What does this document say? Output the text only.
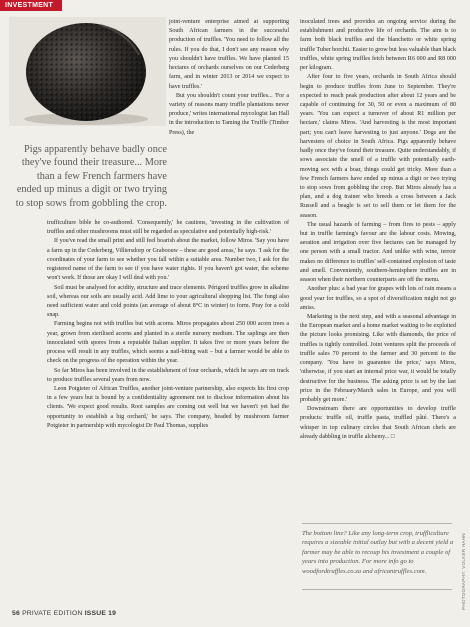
INVESTMENT
Pigs apparently behave badly once they've found their treasure... More than a few French farmers have ended up minus a digit or two trying to stop sows from gobbling the crop.

joint-venture enterprise aimed at supporting South African farmers in the successful production of truffles. 'You need to follow all the rules. If you do that, I don't see any reason why you shouldn't have truffles. We have planted 15 hectares of orchards ourselves on our Cederberg farm, and in winter 2013 or 2014 we expect to have truffles.'

But you shouldn't count your truffles... 'For a variety of reasons many truffle plantations never produce,' writes international mycologist Ian Hall in the introduction to Taming the Truffle (Timber Press), the

trufficulture bible he co-authored. 'Consequently,' he cautions, 'investing in the cultivation of truffles and other mushrooms must still be regarded as speculative and potentially high-risk.'

If you've read the small print and still feel boarish about the market, follow Miros. 'Say you have a farm up in the Cederberg, Villiersdorp or Graboouw – these are good areas,' he says. 'I ask for the coordinates of your farm to see whether you fall within a suitable area. Number two, I ask for the registered name of the farm to see if you have water rights. If you haven't got water, the scheme won't work. If those are okay I will deal with you.'

Soil must be analysed for acidity, structure and trace elements. Périgord truffles grow in alkaline soil, whereas our soils are usually acid. Add lime to your agricultural shopping list. The fungi also need sufficient water and cold points (an average of about 8°C in winter) to form. Pray for a cold snap.

Farming begins not with truffles but with acorns. Miros propagates about 250 000 acorn trees a year, grown from sterilised acorns and planted in a sterile nursery medium. The saplings are then innoculated with spores from a reputable Italian supplier. It takes five or more years before the process will result in any truffles, which seems a nail-biting wait – but a farmer would be able to check on the progress of the operation within the year.

So far Miros has been involved in the establishment of four orchards, which he says are on track to produce truffles several years from now.

Leon Potgieter of African Truffles, another joint-venture partnership, also expects his first crop in a few years but is bound by a confidentiality agreement not to disclose information about his clients. 'We expect good results. Root samples are coming out well but we haven't yet had the opportunity to establish a big orchard,' he says. The company, headed by mushroom farmer Potgieter in partnership with mycologist Dr Paul Thomas, supplies

inoculated trees and provides an ongoing service during the establishment and productive life of orchards. The aim is to farm both black truffles and the blanchetto or white spring truffle Tuber borchii. Easier to grow but less valuable than black truffles, white spring truffles fetch between R6 000 and R8 000 per kilogram.

After four to five years, orchards in South Africa should begin to produce truffles from June to September. They're expected to reach peak production after about 12 years and be capable of continuing for 30, 50 or even a maximum of 80 years. 'You can expect a turnover of about R1 million per hectare,' claims Miros. 'And harvesting is the most important part; you can't leave harvesting to just anyone.' Dogs are the harvesters of choice in South Africa. Pigs apparently behave badly once they've found their treasure. Quite understandably, if sows associate the smell of a truffle with potentially earth-moving sex with a boar, things could get tricky. More than a few French farmers have ended up minus a digit or two trying to stop sows from gobbling the crop. But Miros already has a plan, and a dog trainer who breeds a cross between a Jack Russell and a beagle is set to sell them or let them for the season.

The usual hazards of farming – from fires to pests – apply but in truffle farming's favour are the labour costs. Mowing, aeration and irrigation over five hectares can be managed by one person with a small tractor. And unlike with wine, terroir makes no difference to truffles' self-contained explosion of taste and smell. Conveniently, southern-hemisphere truffles are in season when their northern counterparts are off the menu.

Another plus: a bad year for grapes with lots of rain means a good year for truffles, so a spot of diversification might not go amiss.

Marketing is the next step, and with a seasonal advantage in the European market and a home market waiting to be exploited the picture looks promising. Like with diamonds, the price of truffles is tightly controlled. Joint ventures split the proceeds of truffle sales 70 percent to the farmer and 30 percent to the company. 'You have to guarantee the price,' says Miros, 'otherwise, if you start an internal price war, it would be totally destructive for the business. The asking price is set by the last price in the February/March sales in Europe, and you will probably get more.'

Downstream there are opportunities to develop truffle products: truffle oil, truffle pasta, truffled pâté. There's a whisper in top culinary circles that South African chefs are already dabbling in truffle alchemy... □

The bottom line? Like any long-term crop, truffliculture requires a sizeable initial outlay but with a decent yield a farmer may be able to recoup his investment a couple of years into production. For more info go to woodfordtruffles.co.za and africantruffles.com.
56 PRIVATE EDITION ISSUE 19
PHOTOGRAPHY: VOLKER HAHN
